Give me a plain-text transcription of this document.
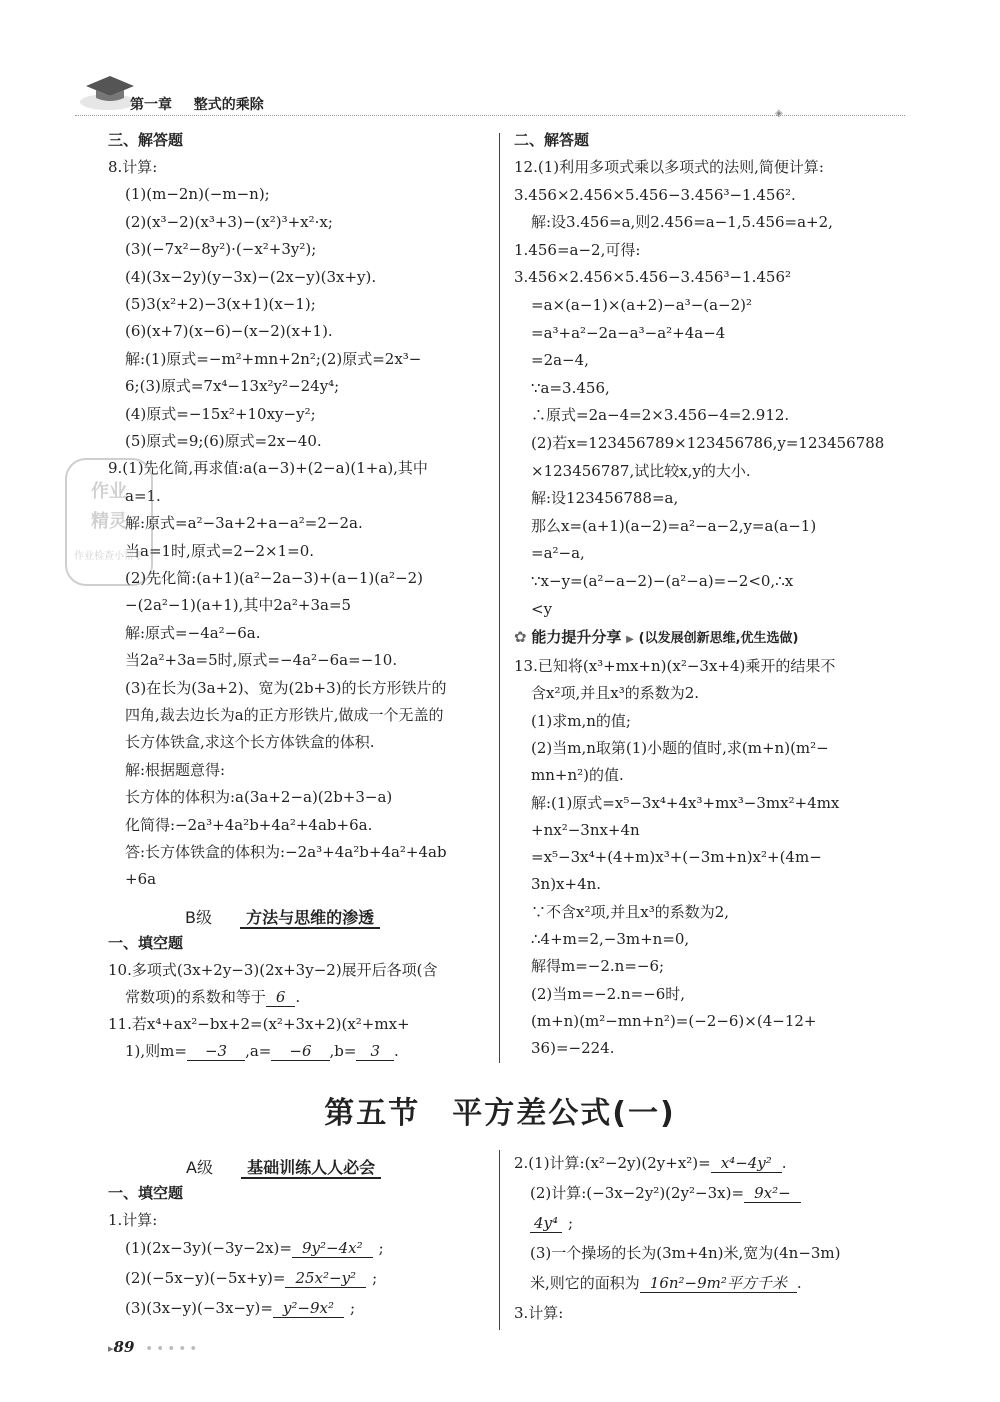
第一章 整式的乘除
◈
三、解答题
8.计算:
(1)(m−2n)(−m−n);
(2)(x³−2)(x³+3)−(x²)³+x²·x;
(3)(−7x²−8y²)·(−x²+3y²);
(4)(3x−2y)(y−3x)−(2x−y)(3x+y).
(5)3(x²+2)−3(x+1)(x−1);
(6)(x+7)(x−6)−(x−2)(x+1).
解:(1)原式=−m²+mn+2n²;(2)原式=2x³−
6;(3)原式=7x⁴−13x²y²−24y⁴;
(4)原式=−15x²+10xy−y²;
(5)原式=9;(6)原式=2x−40.
9.(1)先化简,再求值:a(a−3)+(2−a)(1+a),其中
a=1.
解:原式=a²−3a+2+a−a²=2−2a.
当a=1时,原式=2−2×1=0.
(2)先化简:(a+1)(a²−2a−3)+(a−1)(a²−2)
−(2a²−1)(a+1),其中2a²+3a=5
解:原式=−4a²−6a.
当2a²+3a=5时,原式=−4a²−6a=−10.
(3)在长为(3a+2)、宽为(2b+3)的长方形铁片的
四角,裁去边长为a的正方形铁片,做成一个无盖的
长方体铁盒,求这个长方体铁盒的体积.
解:根据题意得:
长方体的体积为:a(3a+2−a)(2b+3−a)
化简得:−2a³+4a²b+4a²+4ab+6a.
答:长方体铁盒的体积为:−2a³+4a²b+4a²+4ab
+6a
B级 方法与思维的渗透
一、填空题
10.多项式(3x+2y−3)(2x+3y−2)展开后各项(含
常数项)的系数和等于 6 .
11.若x⁴+ax²−bx+2=(x²+3x+2)(x²+mx+
1),则m= −3 ,a= −6 ,b= 3 .
二、解答题
12.(1)利用多项式乘以多项式的法则,简便计算:
3.456×2.456×5.456−3.456³−1.456².
解:设3.456=a,则2.456=a−1,5.456=a+2,
1.456=a−2,可得:
3.456×2.456×5.456−3.456³−1.456²
=a×(a−1)×(a+2)−a³−(a−2)²
=a³+a²−2a−a³−a²+4a−4
=2a−4,
∵a=3.456,
∴原式=2a−4=2×3.456−4=2.912.
(2)若x=123456789×123456786,y=123456788
×123456787,试比较x,y的大小.
解:设123456788=a,
那么x=(a+1)(a−2)=a²−a−2,y=a(a−1)
=a²−a,
∵x−y=(a²−a−2)−(a²−a)=−2<0,∴x
<y
✿ 能力提升分享 ▶ (以发展创新思维,优生选做)
13.已知将(x³+mx+n)(x²−3x+4)乘开的结果不
含x²项,并且x³的系数为2.
(1)求m,n的值;
(2)当m,n取第(1)小题的值时,求(m+n)(m²−
mn+n²)的值.
解:(1)原式=x⁵−3x⁴+4x³+mx³−3mx²+4mx
+nx²−3nx+4n
=x⁵−3x⁴+(4+m)x³+(−3m+n)x²+(4m−
3n)x+4n.
∵不含x²项,并且x³的系数为2,
∴4+m=2,−3m+n=0,
解得m=−2.n=−6;
(2)当m=−2.n=−6时,
(m+n)(m²−mn+n²)=(−2−6)×(4−12+
36)=−224.
第五节　平方差公式(一)
A级 基础训练人人必会
一、填空题
1.计算:
(1)(2x−3y)(−3y−2x)= 9y²−4x² ;
(2)(−5x−y)(−5x+y)= 25x²−y² ;
(3)(3x−y)(−3x−y)= y²−9x² ;
2.(1)计算:(x²−2y)(2y+x²)= x⁴−4y² .
(2)计算:(−3x−2y²)(2y²−3x)= 9x²−
4y⁴ ;
(3)一个操场的长为(3m+4n)米,宽为(4n−3m)
米,则它的面积为 16n²−9m²平方千米 .
3.计算:
▸89 •••••
作业
精灵
作业检查小帮手
